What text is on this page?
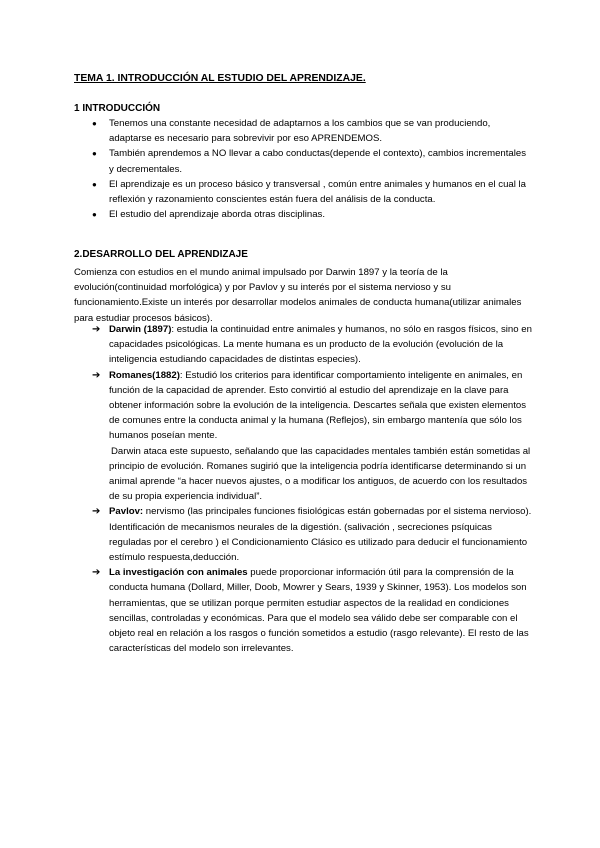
TEMA 1. INTRODUCCIÓN AL ESTUDIO DEL APRENDIZAJE.
1 INTRODUCCIÓN
● Tenemos una constante necesidad de adaptarnos a los cambios que se van produciendo, adaptarse es necesario para sobrevivir por eso APRENDEMOS.
● También aprendemos a NO llevar a cabo conductas(depende el contexto), cambios incrementales y decrementales.
● El aprendizaje es un proceso básico y transversal , común entre animales y humanos en el cual la reflexión y razonamiento conscientes están fuera del análisis de la conducta.
● El estudio del aprendizaje aborda otras disciplinas.
2.DESARROLLO DEL APRENDIZAJE

Comienza con estudios en el mundo animal impulsado por Darwin 1897 y la teoría de la evolución(continuidad morfológica) y por Pavlov y su interés por el sistema nervioso y su funcionamiento.Existe un interés por desarrollar modelos animales de conducta humana(utilizar animales para estudiar procesos básicos).

➔ Darwin (1897): estudia la continuidad entre animales y humanos, no sólo en rasgos físicos, sino en capacidades psicológicas. La mente humana es un producto de la evolución (evolución de la inteligencia estudiando capacidades de distintas especies).
➔ Romanes(1882): Estudió los criterios para identificar comportamiento inteligente en animales, en función de la capacidad de aprender. Esto convirtió al estudio del aprendizaje en la clave para obtener información sobre la evolución de la inteligencia. Descartes señala que existen elementos de comunes entre la conducta animal y la humana (Reflejos), sin embargo mantenía que sólo los humanos poseían mente.
Darwin ataca este supuesto, señalando que las capacidades mentales también están sometidas al principio de evolución. Romanes sugirió que la inteligencia podría identificarse determinando si un animal aprende “a hacer nuevos ajustes, o a modificar los antiguos, de acuerdo con los resultados de su propia experiencia individual”.
➔ Pavlov: nervismo (las principales funciones fisiológicas están gobernadas por el sistema nervioso). Identificación de mecanismos neurales de la digestión. (salivación , secreciones psíquicas reguladas por el cerebro ) el Condicionamiento Clásico es utilizado para deducir el funcionamiento estímulo respuesta,deducción.
➔ La investigación con animales puede proporcionar información útil para la comprensión de la conducta humana (Dollard, Miller, Doob, Mowrer y Sears, 1939 y Skinner, 1953). Los modelos son herramientas, que se utilizan porque permiten estudiar aspectos de la realidad en condiciones sencillas, controladas y económicas. Para que el modelo sea válido debe ser comparable con el objeto real en relación a los rasgos o función sometidos a estudio (rasgo relevante). El resto de las características del modelo son irrelevantes.
